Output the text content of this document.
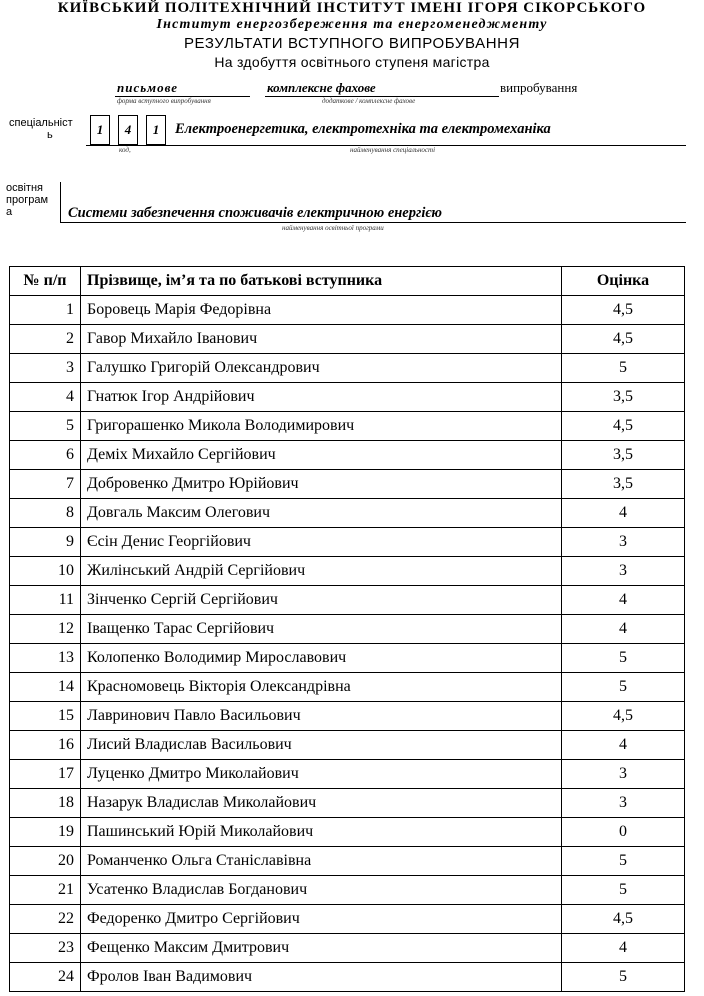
КИЇВСЬКИЙ ПОЛІТЕХНІЧНИЙ ІНСТИТУТ ІМЕНІ ІГОРЯ СІКОРСЬКОГО
Інститут енергозбереження та енергоменеджменту
РЕЗУЛЬТАТИ ВСТУПНОГО ВИПРОБУВАННЯ
На здобуття освітнього ступеня магістра
письмове
форма вступного випробування
комплексне фахове
додаткове / комплексне фахове
випробування
спеціальніст
ь	1	4	1	Електроенергетика, електротехніка та електромеханіка
код,	найменування спеціальності
освітня
програм
а	Системи забезпечення споживачів електричною енергією
найменування освітньої програми
№ п/п	Прізвище, ім’я та по батькові вступника	Оцінка
1	Боровець Марія Федорівна	4,5
2	Гавор Михайло Іванович	4,5
3	Галушко Григорій Олександрович	5
4	Гнатюк Ігор Андрійович	3,5
5	Григорашенко Микола Володимирович	4,5
6	Деміх Михайло Сергійович	3,5
7	Добровенко Дмитро Юрійович	3,5
8	Довгаль Максим Олегович	4
9	Єсін Денис Георгійович	3
10	Жилінський Андрій Сергійович	3
11	Зінченко Сергій Сергійович	4
12	Іващенко Тарас Сергійович	4
13	Колопенко Володимир Мирославович	5
14	Красномовець Вікторія Олександрівна	5
15	Лавринович Павло Васильович	4,5
16	Лисий Владислав Васильович	4
17	Луценко Дмитро Миколайович	3
18	Назарук Владислав Миколайович	3
19	Пашинський Юрій Миколайович	0
20	Романченко Ольга Станіславівна	5
21	Усатенко Владислав Богданович	5
22	Федоренко Дмитро Сергійович	4,5
23	Фещенко Максим Дмитрович	4
24	Фролов Іван Вадимович	5
